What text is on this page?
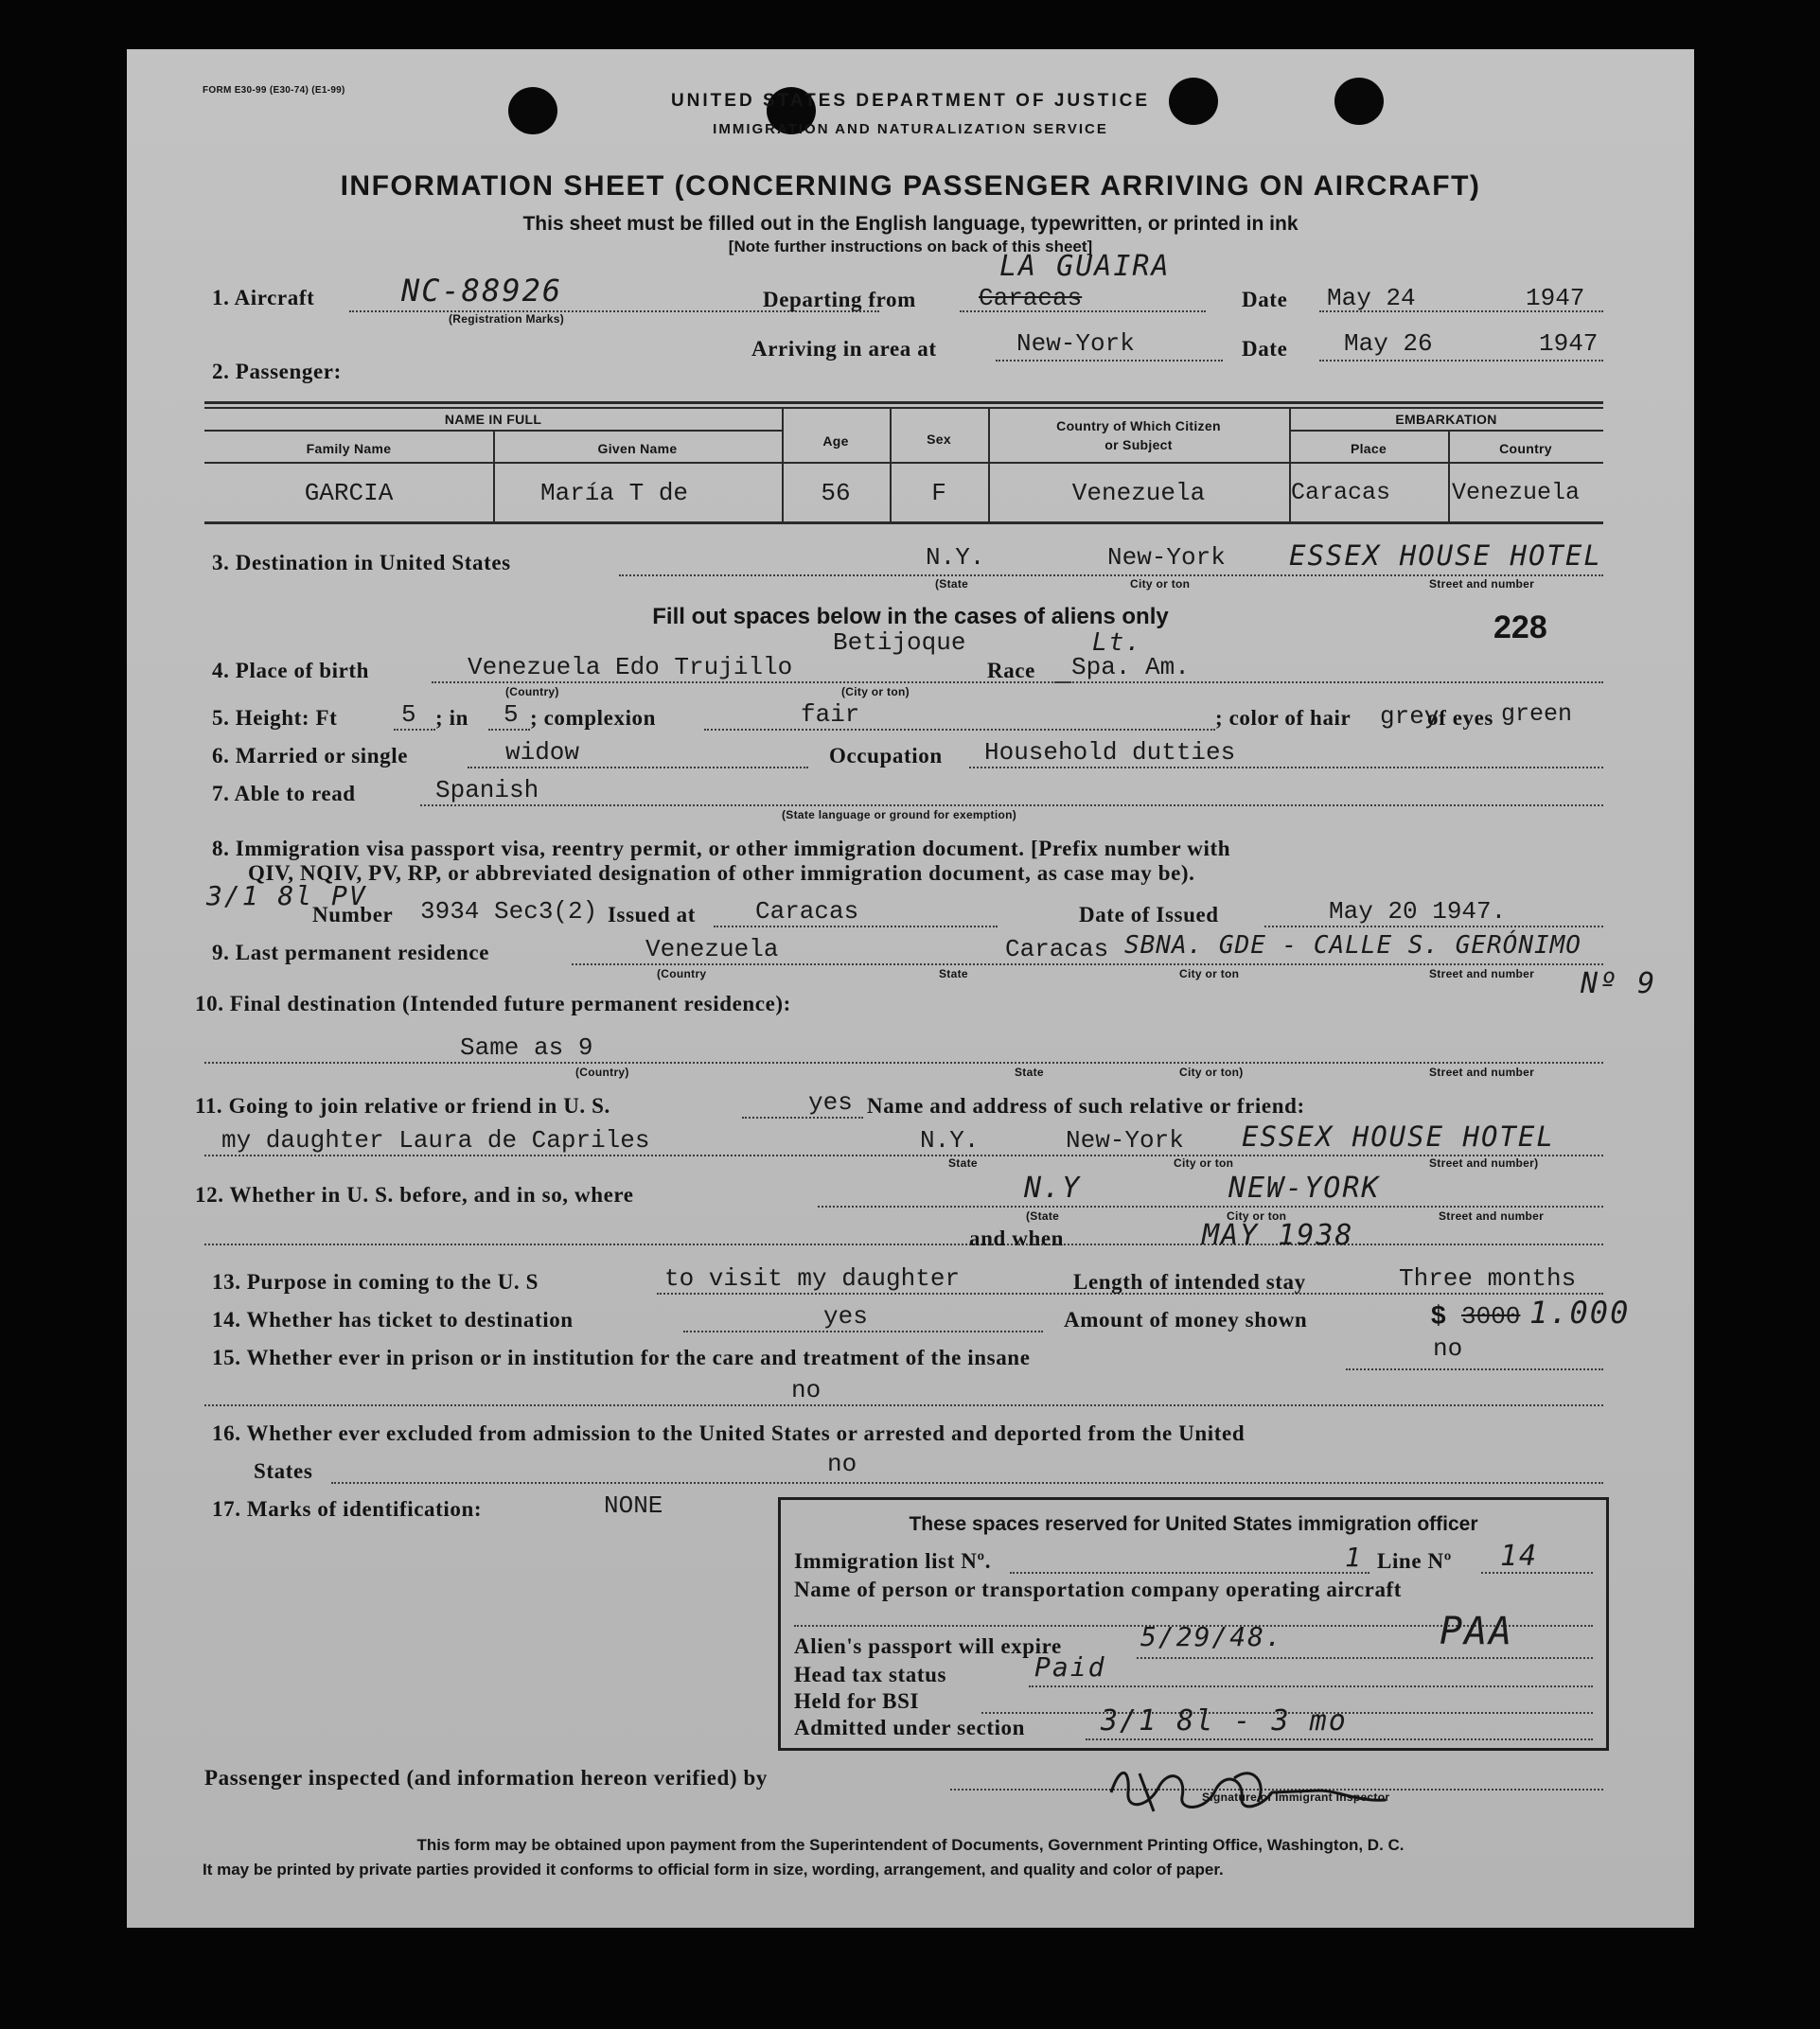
FORM E30-99 (E30-74) (E1-99)
UNITED STATES DEPARTMENT OF JUSTICE
IMMIGRATION AND NATURALIZATION SERVICE
INFORMATION SHEET (CONCERNING PASSENGER ARRIVING ON AIRCRAFT)
This sheet must be filled out in the English language, typewritten, or printed in ink
[Note further instructions on back of this sheet]
1. Aircraft	NC-88926
(Registration Marks)
Departing from
LA GUAIRA
Caracas	Date May 24	1947
Arriving in area at	New-York	Date May 26	1947
2. Passenger:
NAME IN FULL
Family Name	Given Name	Age	Sex
Country of Which Citizen
or Subject
EMBARKATION
Place	Country
GARCIA	María T de	56	F	Venezuela	Caracas	Venezuela
3. Destination in United States	N.Y.	New-York ESSEX HOUSE HOTEL
(State	City or ton	Street and number
Fill out spaces below in the cases of aliens only	228
Betijoque
4. Place of birth	Venezuela Edo Trujillo
(Country)	(City or ton)
Race
Lt.
Spa. Am.
5. Height: Ft	5 ; in 5 ; complexion	fair	; color of hair grey
of eyes green
6. Married or single	widow	Occupation Household dutties
7. Able to read	Spanish
(State language or ground for exemption)
8. Immigration visa passport visa, reentry permit, or other immigration document. [Prefix number with
QIV, NQIV, PV, RP, or abbreviated designation of other immigration document, as case may be).
3/1 8l PV
Number 3934 Sec3(2) Issued at Caracas	Date of Issued	May 20 1947.
9. Last permanent residence	Venezuela	Caracas SBNA. GDE - CALLE S. GERÓNIMO
(Country	State	City or ton	Street and number Nº 9
10. Final destination (Intended future permanent residence):
Same as 9
(Country)	State	City or ton)	Street and number
11. Going to join relative or friend in U. S.	yes Name and address of such relative or friend:
my daughter Laura de Capriles	N.Y.	New-York ESSEX HOUSE HOTEL
State	City or ton	Street and number)
12. Whether in U. S. before, and in so, where	N.Y	NEW-YORK
(State	City or ton	Street and number
and when	MAY 1938
13. Purpose in coming to the U. S	to visit my daughter	Length of intended stay	Three months
14. Whether has ticket to destination	yes	Amount of money shown	$ 3000 1.000
15. Whether ever in prison or in institution for the care and treatment of the insane	no
no
16. Whether ever excluded from admission to the United States or arrested and deported from the United
States	no
17. Marks of identification:	NONE
These spaces reserved for United States immigration officer
Immigration list Nº.	1 Line Nº 14
Name of person or transportation company operating aircraft
Alien's passport will expire	5/29/48.	PAA
Head tax status	Paid
Held for BSI
Admitted under section	3/1 8l - 3 mo
Passenger inspected (and information hereon verified) by
Signature of Immigrant Inspector
This form may be obtained upon payment from the Superintendent of Documents, Government Printing Office, Washington, D. C.
It may be printed by private parties provided it conforms to official form in size, wording, arrangement, and quality and color of paper.
